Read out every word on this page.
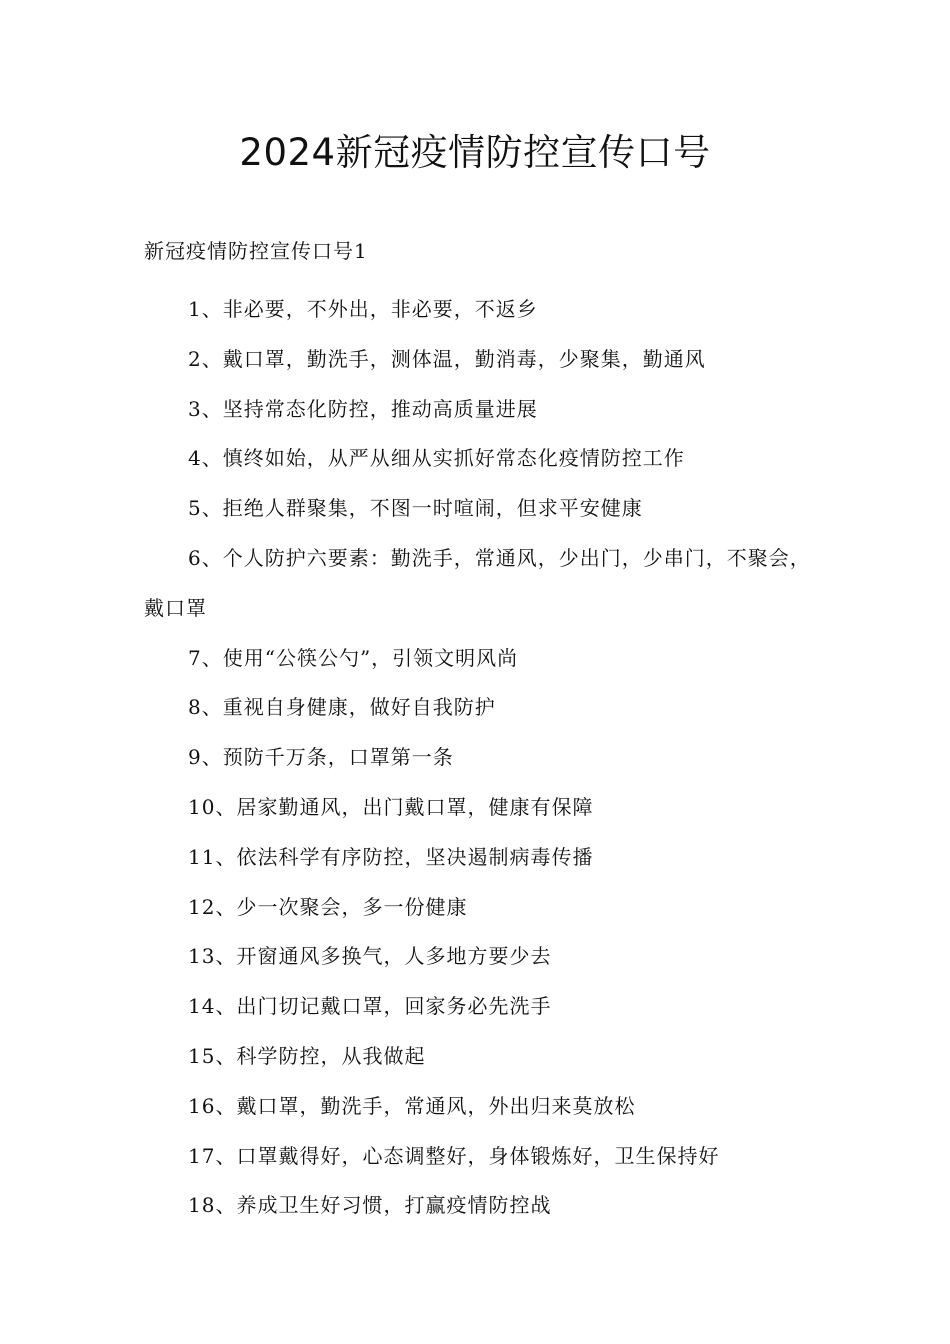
2024新冠疫情防控宣传口号

新冠疫情防控宣传口号1

1、非必要，不外出，非必要，不返乡
2、戴口罩，勤洗手，测体温，勤消毒，少聚集，勤通风
3、坚持常态化防控，推动高质量进展
4、慎终如始，从严从细从实抓好常态化疫情防控工作
5、拒绝人群聚集，不图一时喧闹，但求平安健康
6、个人防护六要素：勤洗手，常通风，少出门，少串门，不聚会，戴口罩
7、使用“公筷公勺”，引领文明风尚
8、重视自身健康，做好自我防护
9、预防千万条，口罩第一条
10、居家勤通风，出门戴口罩，健康有保障
11、依法科学有序防控，坚决遏制病毒传播
12、少一次聚会，多一份健康
13、开窗通风多换气，人多地方要少去
14、出门切记戴口罩，回家务必先洗手
15、科学防控，从我做起
16、戴口罩，勤洗手，常通风，外出归来莫放松
17、口罩戴得好，心态调整好，身体锻炼好，卫生保持好
18、养成卫生好习惯，打赢疫情防控战
